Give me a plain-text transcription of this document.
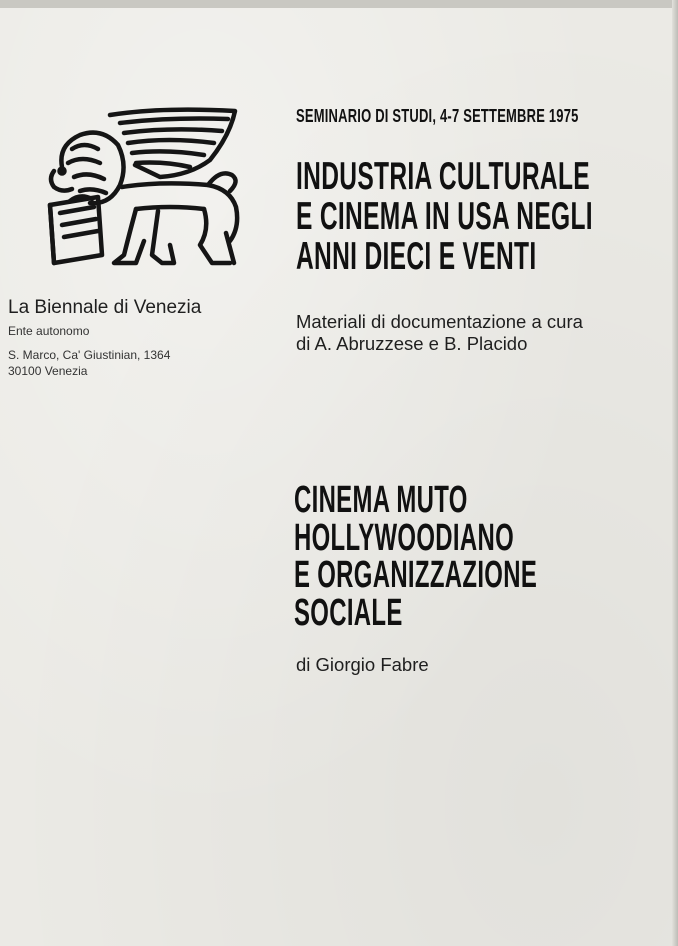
La Biennale di Venezia
Ente autonomo
S. Marco, Ca' Giustinian, 1364
30100 Venezia
SEMINARIO DI STUDI, 4-7 SETTEMBRE 1975
INDUSTRIA CULTURALE
E CINEMA IN USA NEGLI
ANNI DIECI E VENTI
Materiali di documentazione a cura
di A. Abruzzese e B. Placido
CINEMA MUTO
HOLLYWOODIANO
E ORGANIZZAZIONE
SOCIALE
di Giorgio Fabre
